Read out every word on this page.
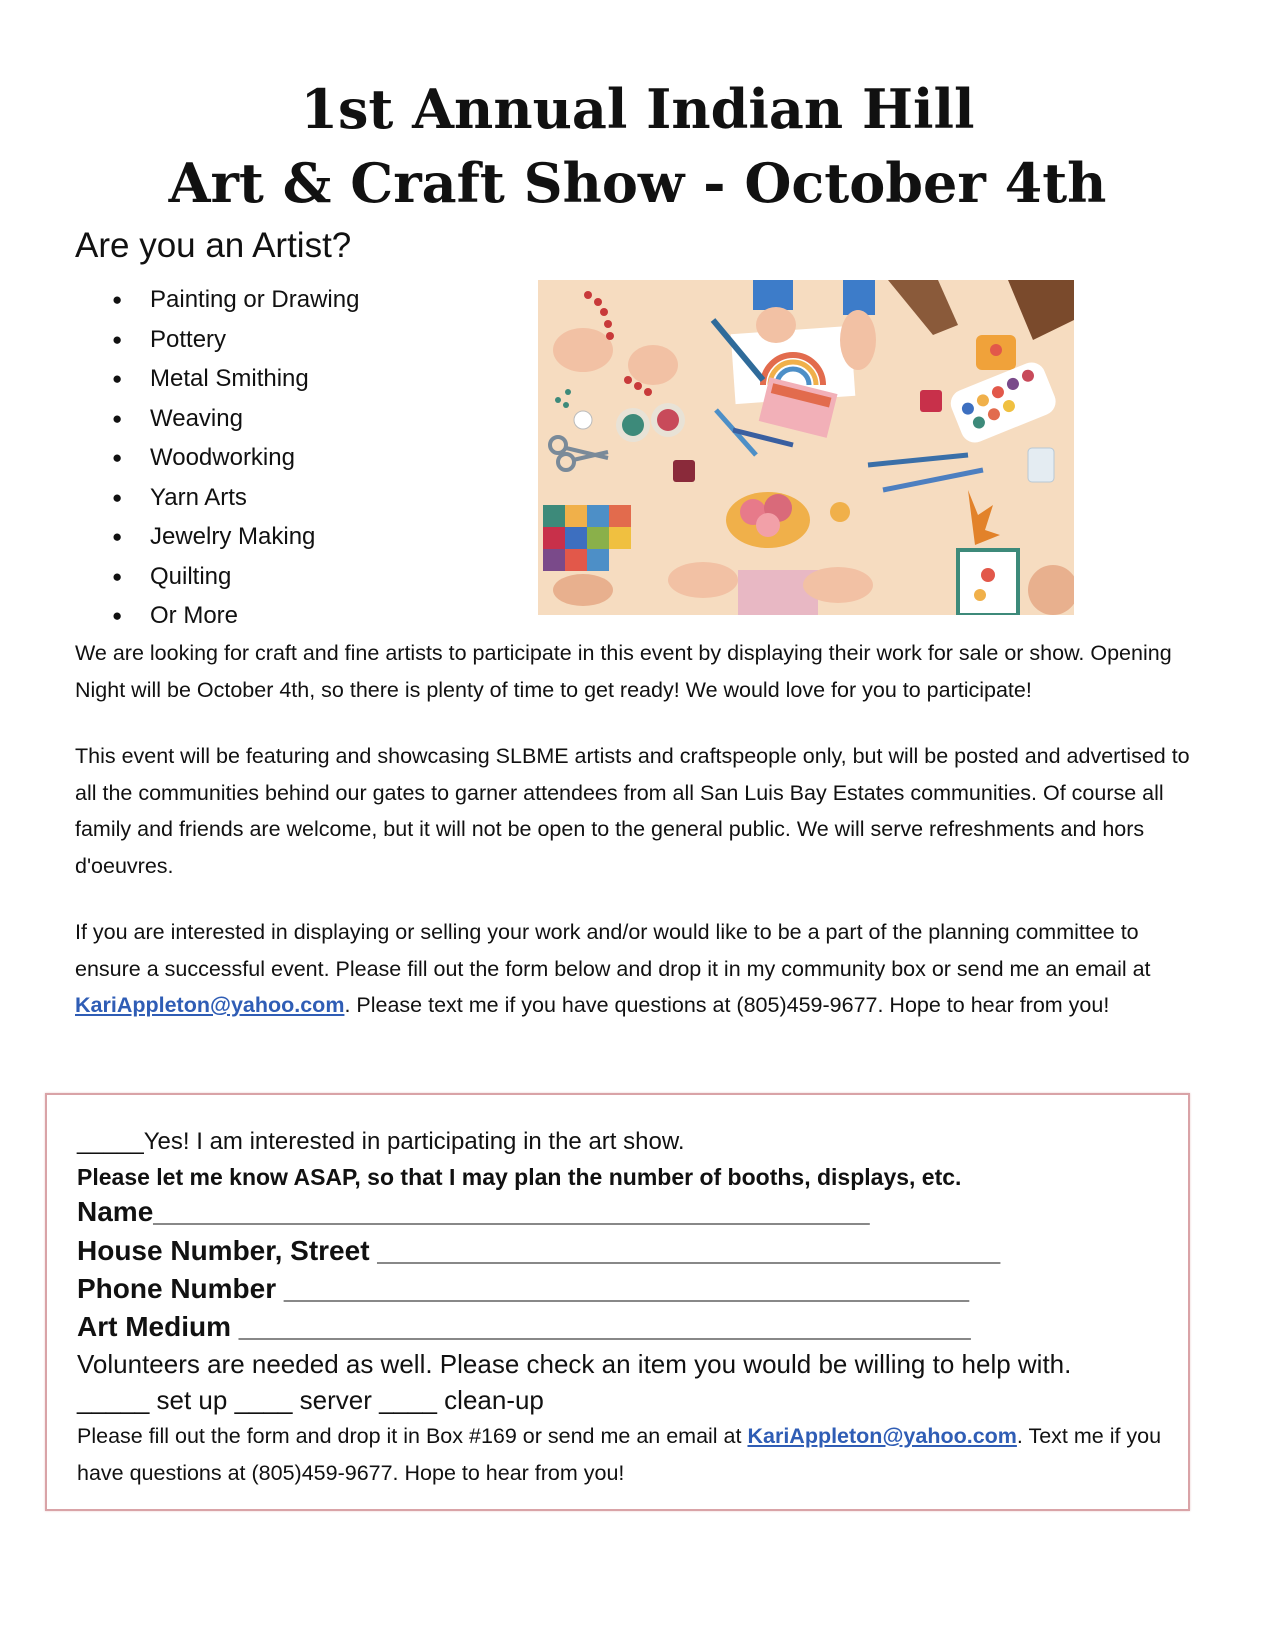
1st Annual Indian Hill
Art & Craft Show - October 4th
Are you an Artist?
● Painting or Drawing
● Pottery
● Metal Smithing
● Weaving
● Woodworking
● Yarn Arts
● Jewelry Making
● Quilting
● Or More

We are looking for craft and fine artists to participate in this event by displaying their work for sale or show. Opening Night will be October 4th, so there is plenty of time to get ready! We would love for you to participate!

This event will be featuring and showcasing SLBME artists and craftspeople only, but will be posted and advertised to all the communities behind our gates to garner attendees from all San Luis Bay Estates communities. Of course all family and friends are welcome, but it will not be open to the general public. We will serve refreshments and hors d'oeuvres.

If you are interested in displaying or selling your work and/or would like to be a part of the planning committee to ensure a successful event. Please fill out the form below and drop it in my community box or send me an email at KariAppleton@yahoo.com. Please text me if you have questions at (805)459-9677. Hope to hear from you!

_____Yes! I am interested in participating in the art show.

Please let me know ASAP, so that I may plan the number of booths, displays, etc.

Name______________________________________________

House Number, Street ________________________________________

Phone Number ____________________________________________

Art Medium _______________________________________________

Volunteers are needed as well. Please check an item you would be willing to help with.

_____ set up ____ server ____ clean-up

Please fill out the form and drop it in Box #169 or send me an email at KariAppleton@yahoo.com. Text me if you have questions at (805)459-9677. Hope to hear from you!
